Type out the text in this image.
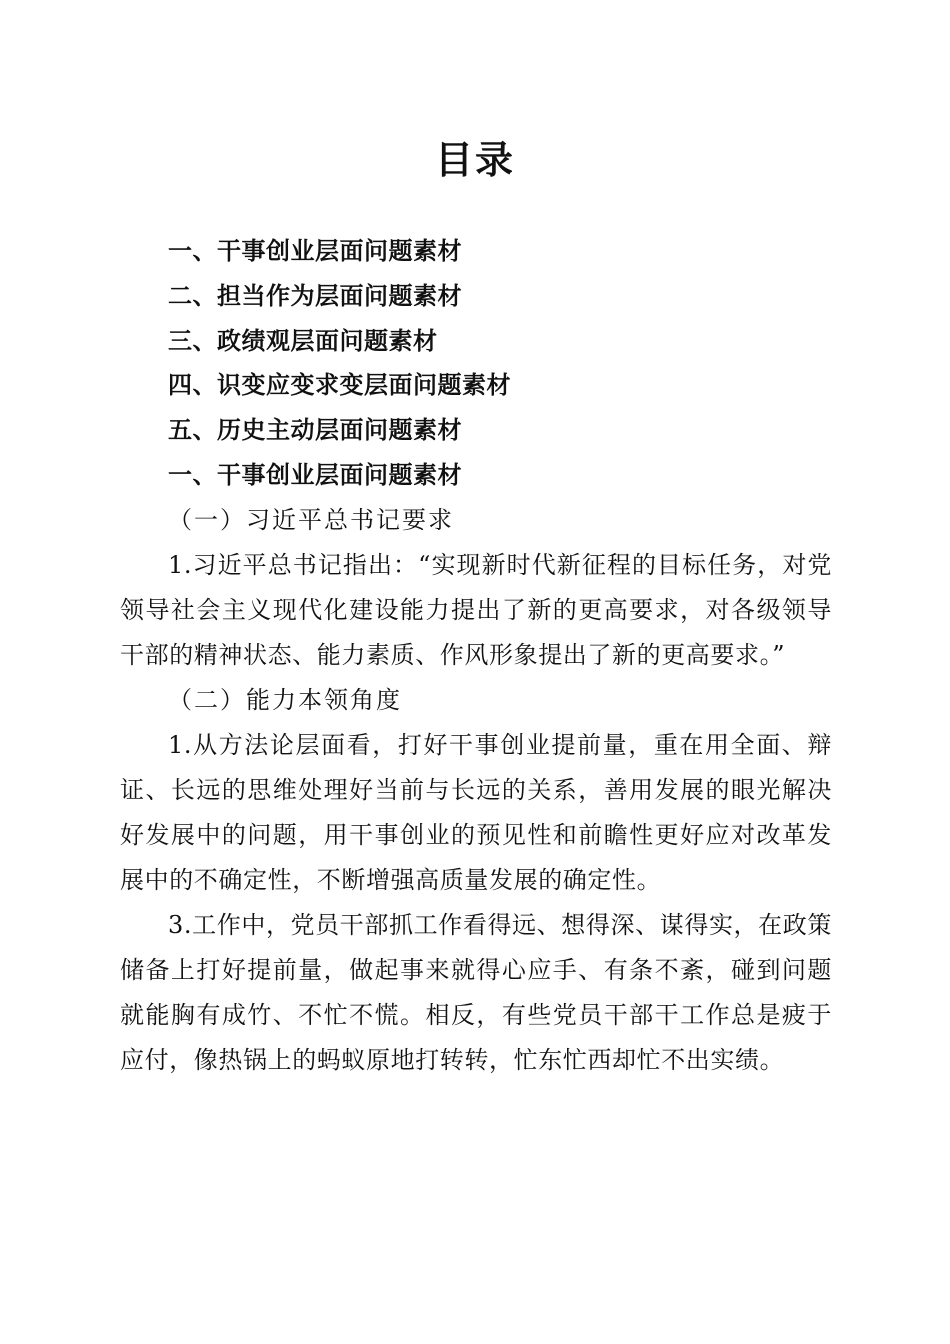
目录
一、干事创业层面问题素材
二、担当作为层面问题素材
三、政绩观层面问题素材
四、识变应变求变层面问题素材
五、历史主动层面问题素材
一、干事创业层面问题素材
（一）习近平总书记要求

1.习近平总书记指出：“实现新时代新征程的目标任务，对党领导社会主义现代化建设能力提出了新的更高要求，对各级领导干部的精神状态、能力素质、作风形象提出了新的更高要求。”

（二）能力本领角度

1.从方法论层面看，打好干事创业提前量，重在用全面、辩证、长远的思维处理好当前与长远的关系，善用发展的眼光解决好发展中的问题，用干事创业的预见性和前瞻性更好应对改革发展中的不确定性，不断增强高质量发展的确定性。

3.工作中，党员干部抓工作看得远、想得深、谋得实，在政策储备上打好提前量，做起事来就得心应手、有条不紊，碰到问题就能胸有成竹、不忙不慌。相反，有些党员干部干工作总是疲于应付，像热锅上的蚂蚁原地打转转，忙东忙西却忙不出实绩。
